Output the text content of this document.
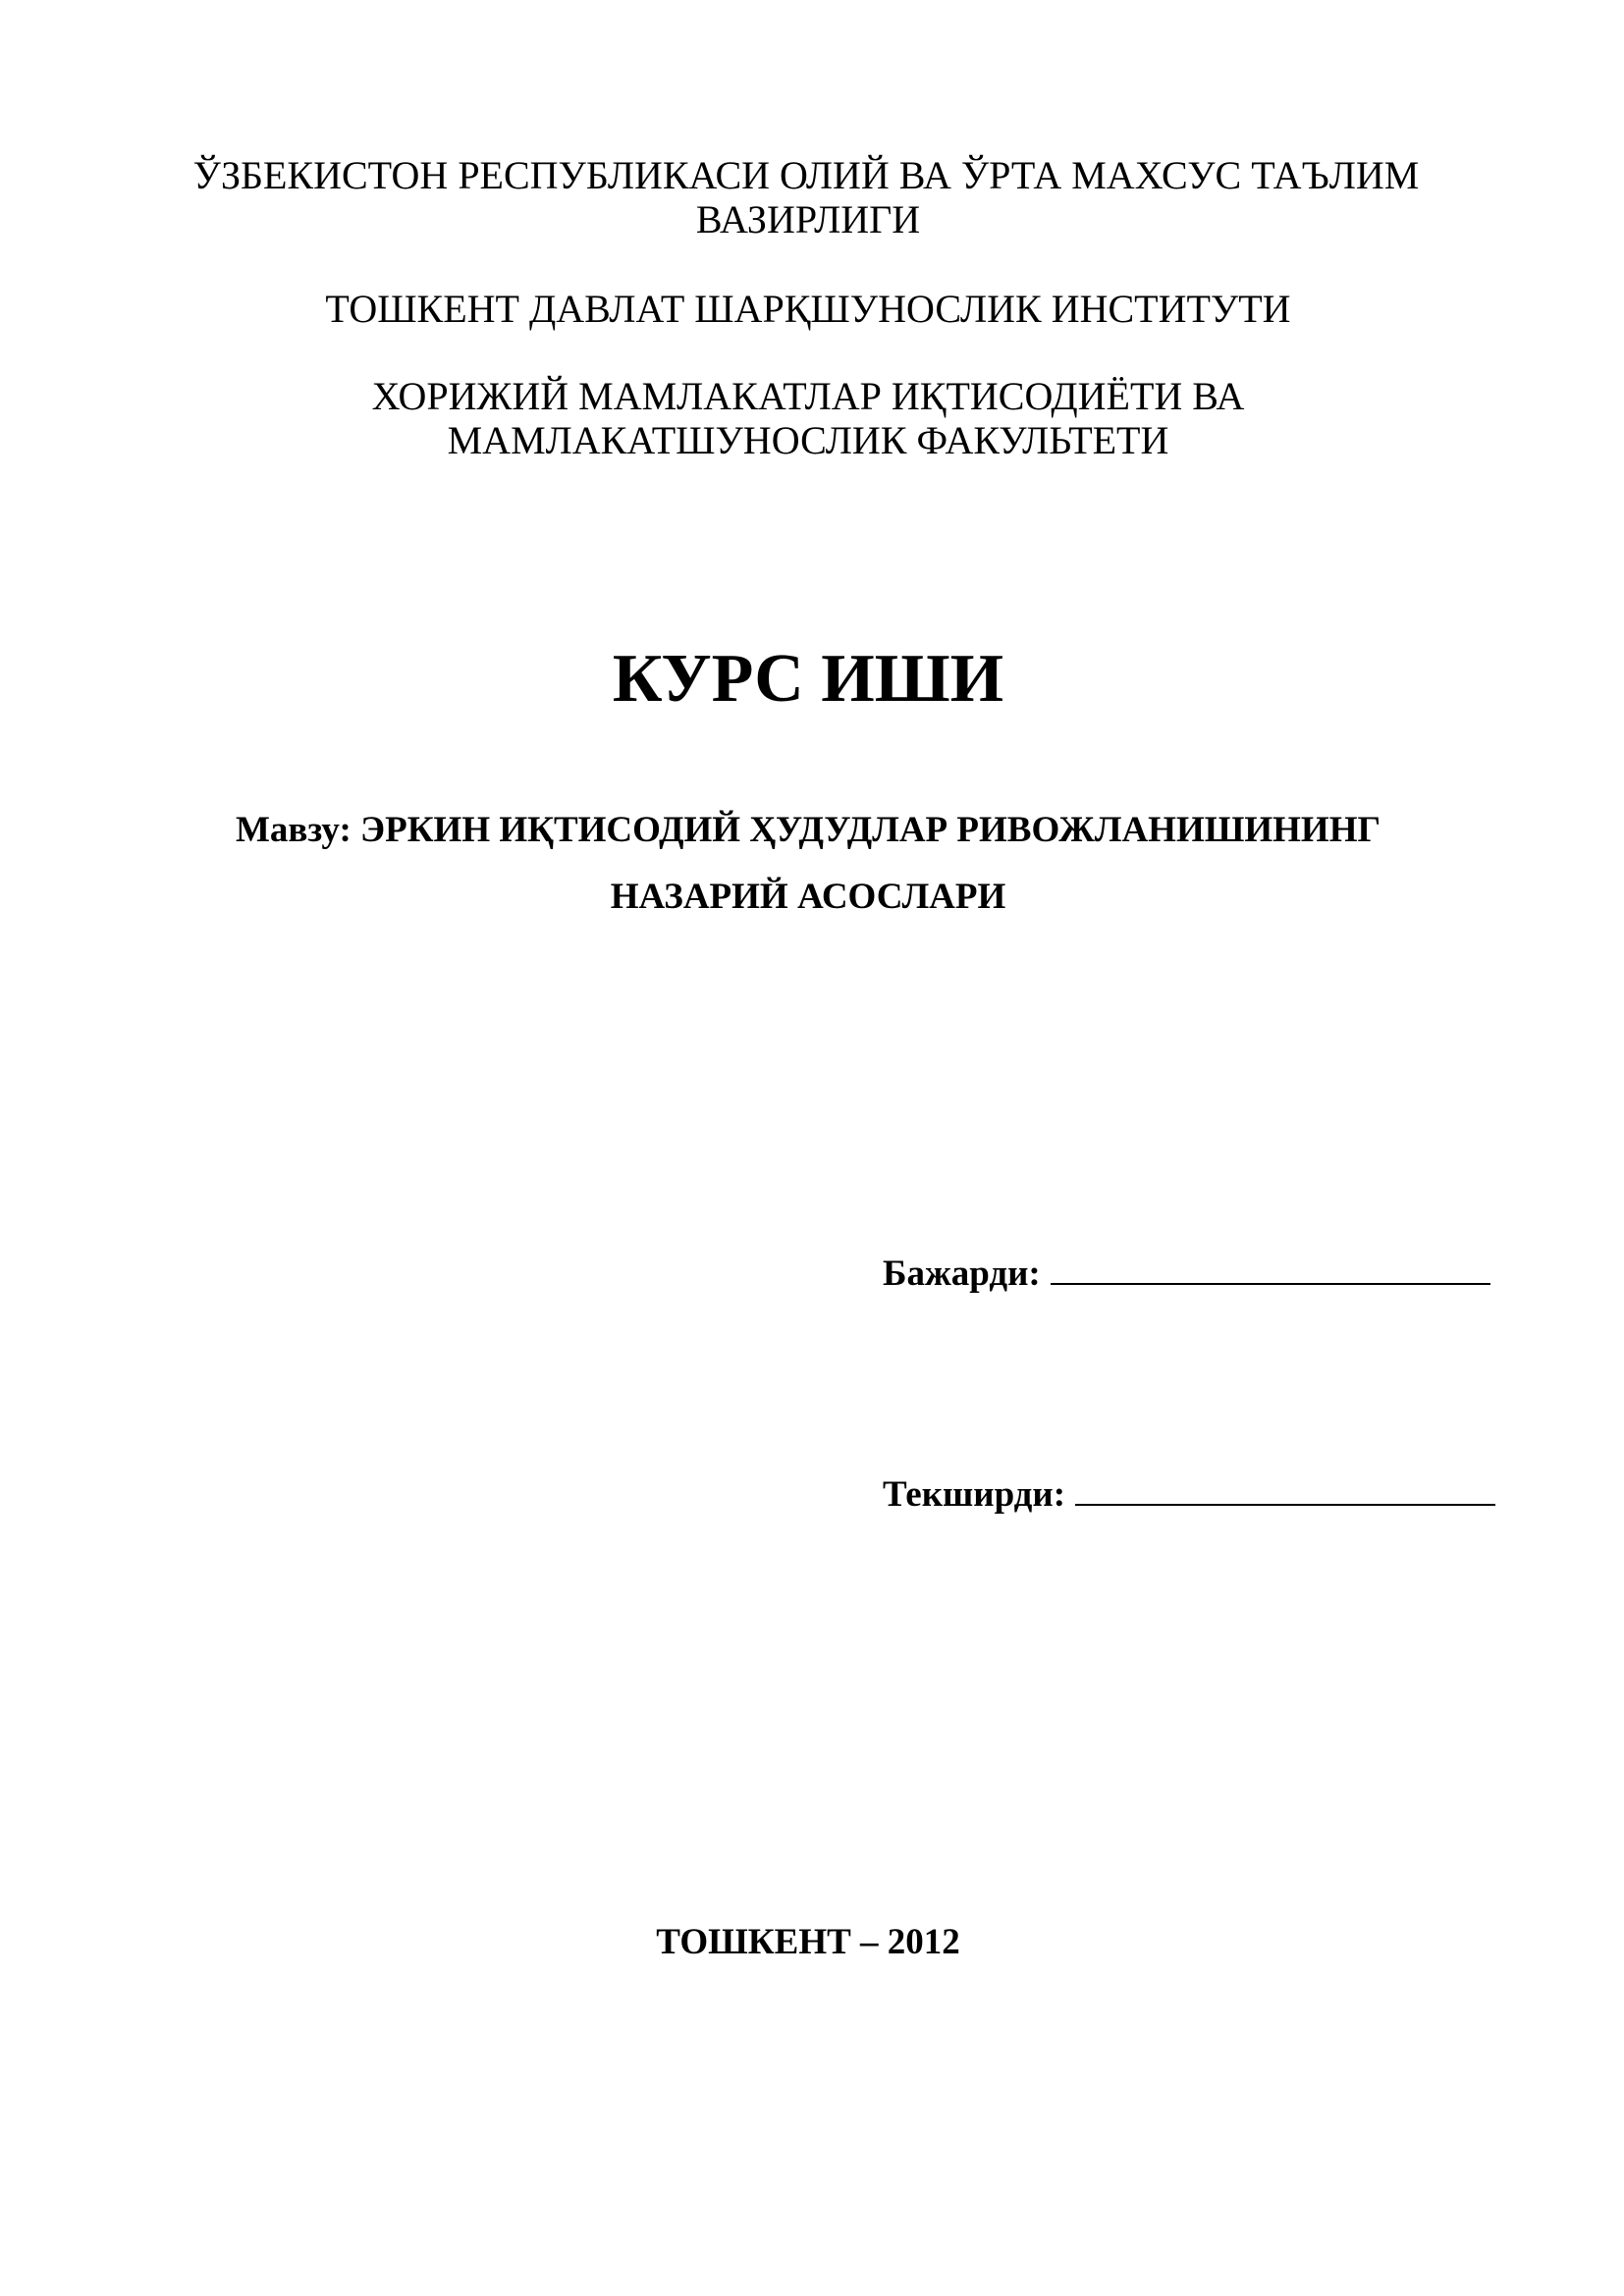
ЎЗБЕКИСТОН РЕСПУБЛИКАСИ ОЛИЙ ВА ЎРТА МАХСУС ТАЪЛИМ
ВАЗИРЛИГИ
ТОШКЕНТ ДАВЛАТ ШАРҚШУНОСЛИК ИНСТИТУТИ
ХОРИЖИЙ МАМЛАКАТЛАР ИҚТИСОДИЁТИ ВА
МАМЛАКАТШУНОСЛИК ФАКУЛЬТЕТИ
КУРС ИШИ
Мавзу: ЭРКИН ИҚТИСОДИЙ ҲУДУДЛАР РИВОЖЛАНИШИНИНГ
НАЗАРИЙ АСОСЛАРИ
Бажарди:
Текширди:
ТОШКЕНТ – 2012
